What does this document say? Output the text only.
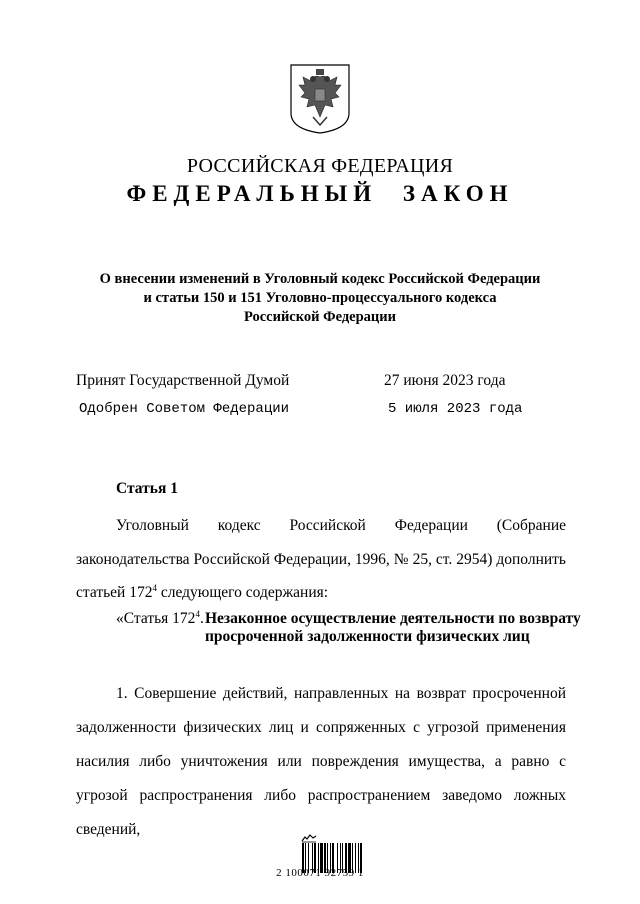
РОССИЙСКАЯ ФЕДЕРАЦИЯ
ФЕДЕРАЛЬНЫЙ ЗАКОН
О внесении изменений в Уголовный кодекс Российской Федерации
и статьи 150 и 151 Уголовно-процессуального кодекса
Российской Федерации
Принят Государственной Думой	27 июня 2023 года
Одобрен Советом Федерации	5 июля 2023 года
Статья 1

Уголовный кодекс Российской Федерации (Собрание законодательства Российской Федерации, 1996, № 25, ст. 2954) дополнить статьей $172^4$ следующего содержания:

«Статья $172^4$. Незаконное осуществление деятельности по возврату просроченной задолженности физических лиц

1. Совершение действий, направленных на возврат просроченной задолженности физических лиц и сопряженных с угрозой применения насилия либо уничтожения или повреждения имущества, а равно с угрозой распространения либо распространением заведомо ложных сведений,

2 100071 92759 1
